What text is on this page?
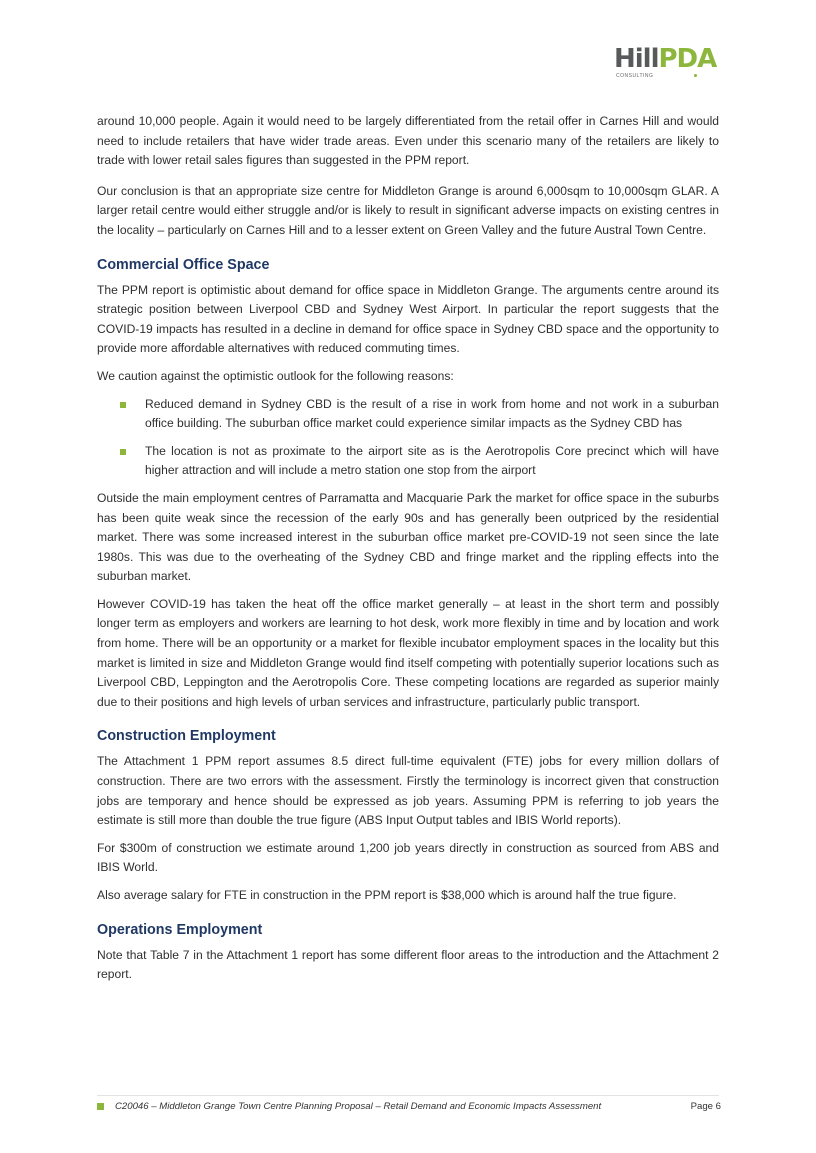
HillPDA
CONSULTING

around 10,000 people. Again it would need to be largely differentiated from the retail offer in Carnes Hill and would need to include retailers that have wider trade areas. Even under this scenario many of the retailers are likely to trade with lower retail sales figures than suggested in the PPM report.

Our conclusion is that an appropriate size centre for Middleton Grange is around 6,000sqm to 10,000sqm GLAR. A larger retail centre would either struggle and/or is likely to result in significant adverse impacts on existing centres in the locality – particularly on Carnes Hill and to a lesser extent on Green Valley and the future Austral Town Centre.

Commercial Office Space

The PPM report is optimistic about demand for office space in Middleton Grange. The arguments centre around its strategic position between Liverpool CBD and Sydney West Airport. In particular the report suggests that the COVID-19 impacts has resulted in a decline in demand for office space in Sydney CBD space and the opportunity to provide more affordable alternatives with reduced commuting times.

We caution against the optimistic outlook for the following reasons:

Reduced demand in Sydney CBD is the result of a rise in work from home and not work in a suburban office building. The suburban office market could experience similar impacts as the Sydney CBD has
The location is not as proximate to the airport site as is the Aerotropolis Core precinct which will have higher attraction and will include a metro station one stop from the airport

Outside the main employment centres of Parramatta and Macquarie Park the market for office space in the suburbs has been quite weak since the recession of the early 90s and has generally been outpriced by the residential market. There was some increased interest in the suburban office market pre-COVID-19 not seen since the late 1980s. This was due to the overheating of the Sydney CBD and fringe market and the rippling effects into the suburban market.

However COVID-19 has taken the heat off the office market generally – at least in the short term and possibly longer term as employers and workers are learning to hot desk, work more flexibly in time and by location and work from home. There will be an opportunity or a market for flexible incubator employment spaces in the locality but this market is limited in size and Middleton Grange would find itself competing with potentially superior locations such as Liverpool CBD, Leppington and the Aerotropolis Core. These competing locations are regarded as superior mainly due to their positions and high levels of urban services and infrastructure, particularly public transport.

Construction Employment

The Attachment 1 PPM report assumes 8.5 direct full-time equivalent (FTE) jobs for every million dollars of construction. There are two errors with the assessment. Firstly the terminology is incorrect given that construction jobs are temporary and hence should be expressed as job years. Assuming PPM is referring to job years the estimate is still more than double the true figure (ABS Input Output tables and IBIS World reports).

For $300m of construction we estimate around 1,200 job years directly in construction as sourced from ABS and IBIS World.

Also average salary for FTE in construction in the PPM report is $38,000 which is around half the true figure.

Operations Employment

Note that Table 7 in the Attachment 1 report has some different floor areas to the introduction and the Attachment 2 report.

C20046 – Middleton Grange Town Centre Planning Proposal – Retail Demand and Economic Impacts Assessment	Page 6
